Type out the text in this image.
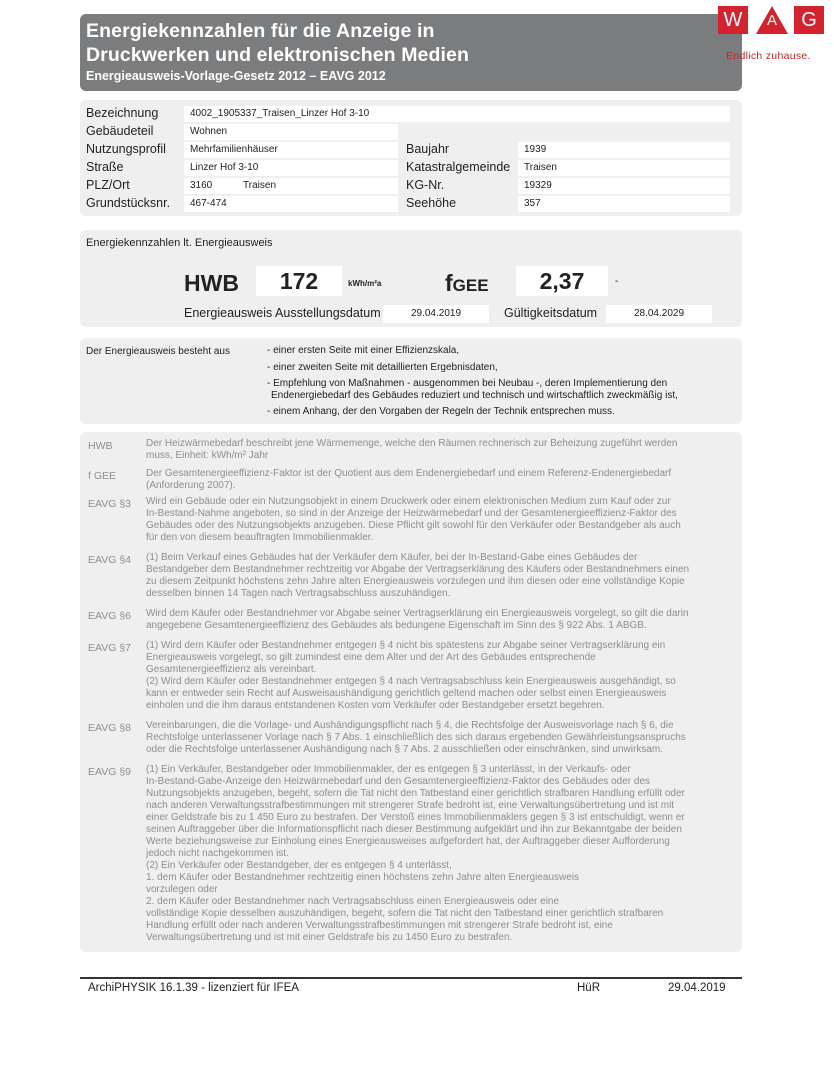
Energiekennzahlen für die Anzeige in
Druckwerken und elektronischen Medien
Energieausweis-Vorlage-Gesetz 2012 – EAVG 2012
W	A	G
Endlich zuhause.
Bezeichnung	4002_1905337_Traisen_Linzer Hof 3-10
Gebäudeteil	Wohnen
Nutzungsprofil	Mehrfamilienhäuser	Baujahr	1939
Straße	Linzer Hof 3-10	Katastralgemeinde	Traisen
PLZ/Ort	3160	Traisen	KG-Nr.	19329
Grundstücksnr.	467-474	Seehöhe	357
Energiekennzahlen lt. Energieausweis
HWB	172	kWh/m²a	fGEE	2,37	-
Energieausweis Ausstellungsdatum	29.04.2019	Gültigkeitsdatum	28.04.2029
Der Energieausweis besteht aus	- einer ersten Seite mit einer Effizienzskala,
- einer zweiten Seite mit detaillierten Ergebnisdaten,
- Empfehlung von Maßnahmen - ausgenommen bei Neubau -, deren Implementierung den
Endenergiebedarf des Gebäudes reduziert und technisch und wirtschaftlich zweckmäßig ist,
- einem Anhang, der den Vorgaben der Regeln der Technik entsprechen muss.
HWB	Der Heizwärmebedarf beschreibt jene Wärmemenge, welche den Räumen rechnerisch zur Beheizung zugeführt werden
muss, Einheit: kWh/m² Jahr
f GEE	Der Gesamtenergieeffizienz-Faktor ist der Quotient aus dem Endenergiebedarf und einem Referenz-Endenergiebedarf
(Anforderung 2007).
EAVG §3 Wird ein Gebäude oder ein Nutzungsobjekt in einem Druckwerk oder einem elektronischen Medium zum Kauf oder zur
In-Bestand-Nahme angeboten, so sind in der Anzeige der Heizwärmebedarf und der Gesamtenergieeffizienz-Faktor des
Gebäudes oder des Nutzungsobjekts anzugeben. Diese Pflicht gilt sowohl für den Verkäufer oder Bestandgeber als auch
für den von diesem beauftragten Immobilienmakler.
EAVG §4 (1) Beim Verkauf eines Gebäudes hat der Verkäufer dem Käufer, bei der In-Bestand-Gabe eines Gebäudes der
Bestandgeber dem Bestandnehmer rechtzeitig vor Abgabe der Vertragserklärung des Käufers oder Bestandnehmers einen
zu diesem Zeitpunkt höchstens zehn Jahre alten Energieausweis vorzulegen und ihm diesen oder eine vollständige Kopie
desselben binnen 14 Tagen nach Vertragsabschluss auszuhändigen.
EAVG §6 Wird dem Käufer oder Bestandnehmer vor Abgabe seiner Vertragserklärung ein Energieausweis vorgelegt, so gilt die darin
angegebene Gesamtenergieeffizienz des Gebäudes als bedungene Eigenschaft im Sinn des § 922 Abs. 1 ABGB.
EAVG §7 (1) Wird dem Käufer oder Bestandnehmer entgegen § 4 nicht bis spätestens zur Abgabe seiner Vertragserklärung ein
Energieausweis vorgelegt, so gilt zumindest eine dem Alter und der Art des Gebäudes entsprechende
Gesamtenergieeffizienz als vereinbart.
(2) Wird dem Käufer oder Bestandnehmer entgegen § 4 nach Vertragsabschluss kein Energieausweis ausgehändigt, so
kann er entweder sein Recht auf Ausweisaushändigung gerichtlich geltend machen oder selbst einen Energieausweis
einholen und die ihm daraus entstandenen Kosten vom Verkäufer oder Bestandgeber ersetzt begehren.
EAVG §8 Vereinbarungen, die die Vorlage- und Aushändigungspflicht nach § 4, die Rechtsfolge der Ausweisvorlage nach § 6, die
Rechtsfolge unterlassener Vorlage nach § 7 Abs. 1 einschließlich des sich daraus ergebenden Gewährleistungsanspruchs
oder die Rechtsfolge unterlassener Aushändigung nach § 7 Abs. 2 ausschließen oder einschränken, sind unwirksam.
EAVG §9 (1) Ein Verkäufer, Bestandgeber oder Immobilienmakler, der es entgegen § 3 unterlässt, in der Verkaufs- oder
In-Bestand-Gabe-Anzeige den Heizwärmebedarf und den Gesamtenergieeffizienz-Faktor des Gebäudes oder des
Nutzungsobjekts anzugeben, begeht, sofern die Tat nicht den Tatbestand einer gerichtlich strafbaren Handlung erfüllt oder
nach anderen Verwaltungsstrafbestimmungen mit strengerer Strafe bedroht ist, eine Verwaltungsübertretung und ist mit
einer Geldstrafe bis zu 1 450 Euro zu bestrafen. Der Verstoß eines Immobilienmaklers gegen § 3 ist entschuldigt, wenn er
seinen Auftraggeber über die Informationspflicht nach dieser Bestimmung aufgeklärt und ihn zur Bekanntgabe der beiden
Werte beziehungsweise zur Einholung eines Energieausweises aufgefordert hat, der Auftraggeber dieser Aufforderung
jedoch nicht nachgekommen ist.
(2) Ein Verkäufer oder Bestandgeber, der es entgegen § 4 unterlässt,
1. dem Käufer oder Bestandnehmer rechtzeitig einen höchstens zehn Jahre alten Energieausweis
vorzulegen oder
2. dem Käufer oder Bestandnehmer nach Vertragsabschluss einen Energieausweis oder eine
vollständige Kopie desselben auszuhändigen, begeht, sofern die Tat nicht den Tatbestand einer gerichtlich strafbaren
Handlung erfüllt oder nach anderen Verwaltungsstrafbestimmungen mit strengerer Strafe bedroht ist, eine
Verwaltungsübertretung und ist mit einer Geldstrafe bis zu 1450 Euro zu bestrafen.
ArchiPHYSIK 16.1.39 - lizenziert für IFEA	HüR	29.04.2019
